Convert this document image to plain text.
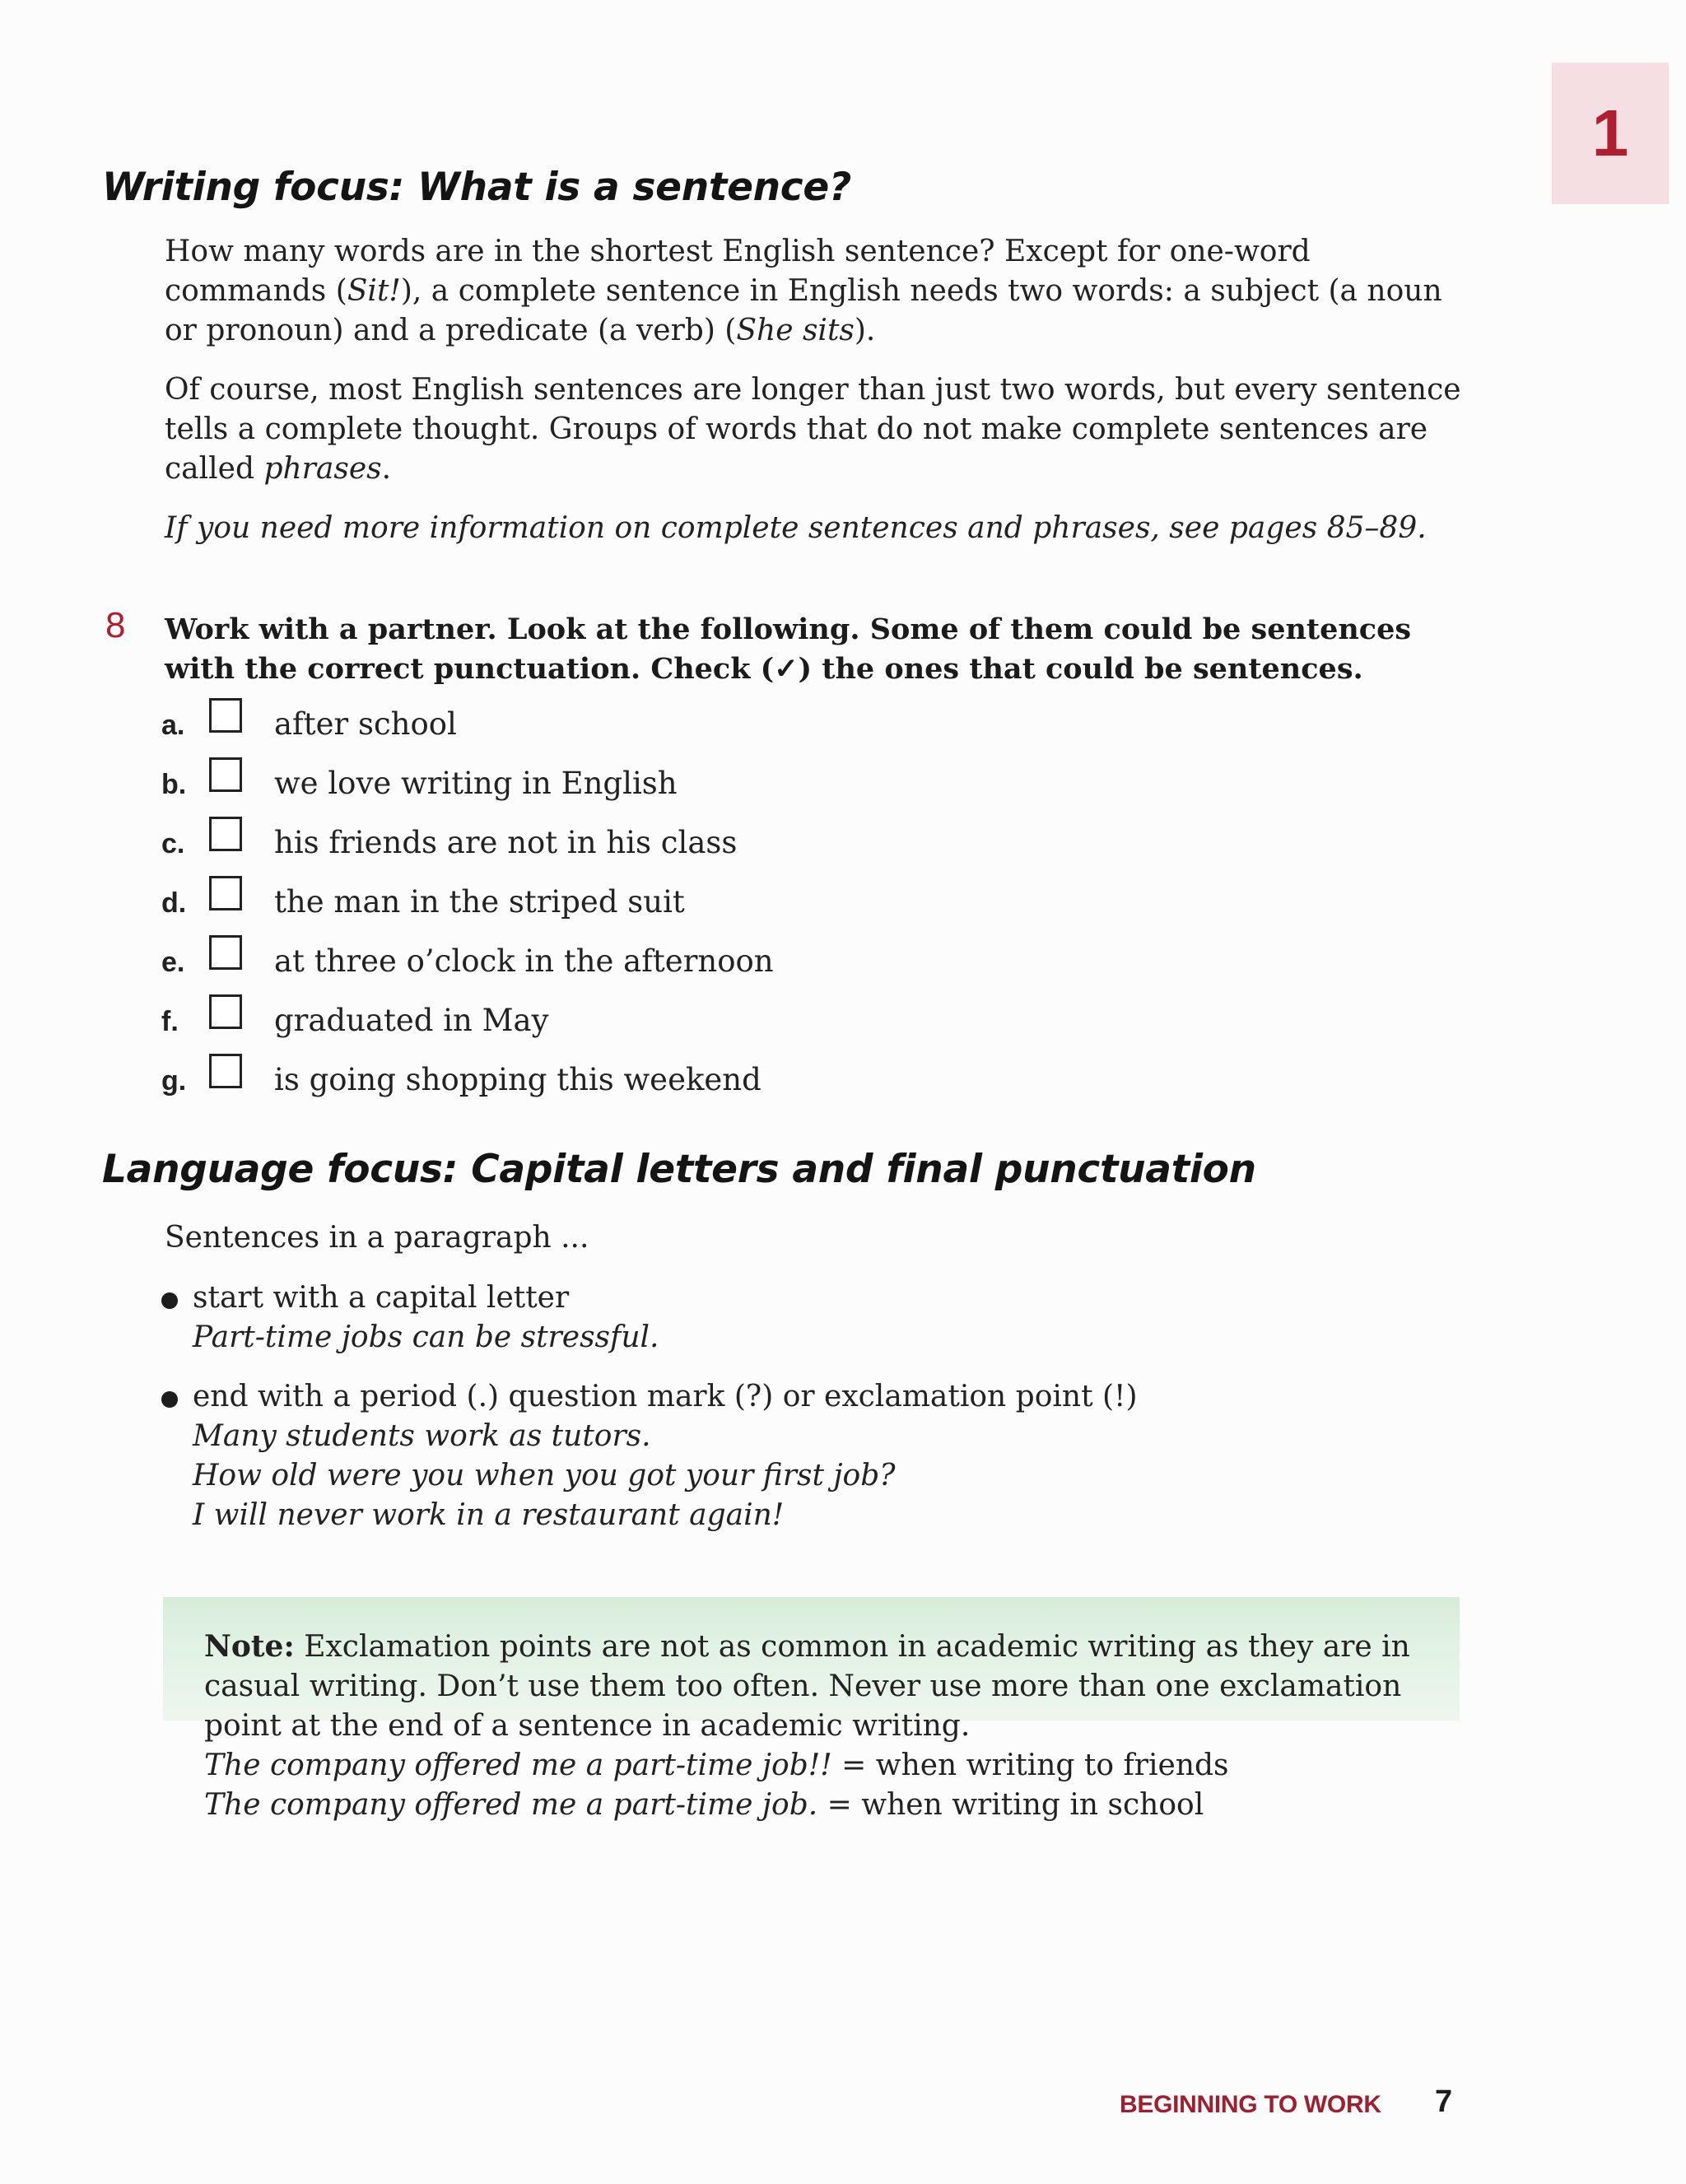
1
Writing focus: What is a sentence?

How many words are in the shortest English sentence? Except for one-word commands (Sit!), a complete sentence in English needs two words: a subject (a noun or pronoun) and a predicate (a verb) (She sits).

Of course, most English sentences are longer than just two words, but every sentence tells a complete thought. Groups of words that do not make complete sentences are called phrases.

If you need more information on complete sentences and phrases, see pages 85–89.

8 Work with a partner. Look at the following. Some of them could be sentences with the correct punctuation. Check (✓) the ones that could be sentences.

a.	after school
b.	we love writing in English
c.	his friends are not in his class
d.	the man in the striped suit
e.	at three o’clock in the afternoon
f.	graduated in May
g.	is going shopping this weekend
Language focus: Capital letters and final punctuation

Sentences in a paragraph ...

start with a capital letter
Part-time jobs can be stressful.
end with a period (.) question mark (?) or exclamation point (!)
Many students work as tutors.
How old were you when you got your first job?
I will never work in a restaurant again!
Note: Exclamation points are not as common in academic writing as they are in
casual writing. Don’t use them too often. Never use more than one exclamation
point at the end of a sentence in academic writing.
The company offered me a part-time job!! = when writing to friends
The company offered me a part-time job. = when writing in school
BEGINNING TO WORK 7
